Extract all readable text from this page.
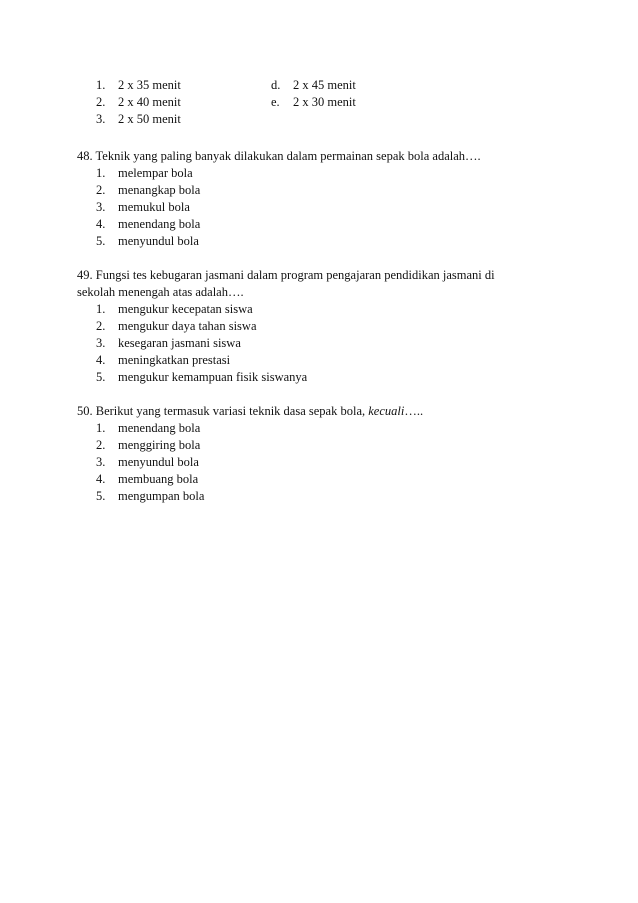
1. 2 x 35 menit
2. 2 x 40 menit
3. 2 x 50 menit
d. 2 x 45 menit
e. 2 x 30 menit
48. Teknik yang paling banyak dilakukan dalam permainan sepak bola adalah….
1. melempar bola
2. menangkap bola
3. memukul bola
4. menendang bola
5. menyundul bola
49. Fungsi tes kebugaran jasmani dalam program pengajaran pendidikan jasmani di
sekolah menengah atas adalah….
1. mengukur kecepatan siswa
2. mengukur daya tahan siswa
3. kesegaran jasmani siswa
4. meningkatkan prestasi
5. mengukur kemampuan fisik siswanya
50. Berikut yang termasuk variasi teknik dasa sepak bola, kecuali…..
1. menendang bola
2. menggiring bola
3. menyundul bola
4. membuang bola
5. mengumpan bola
